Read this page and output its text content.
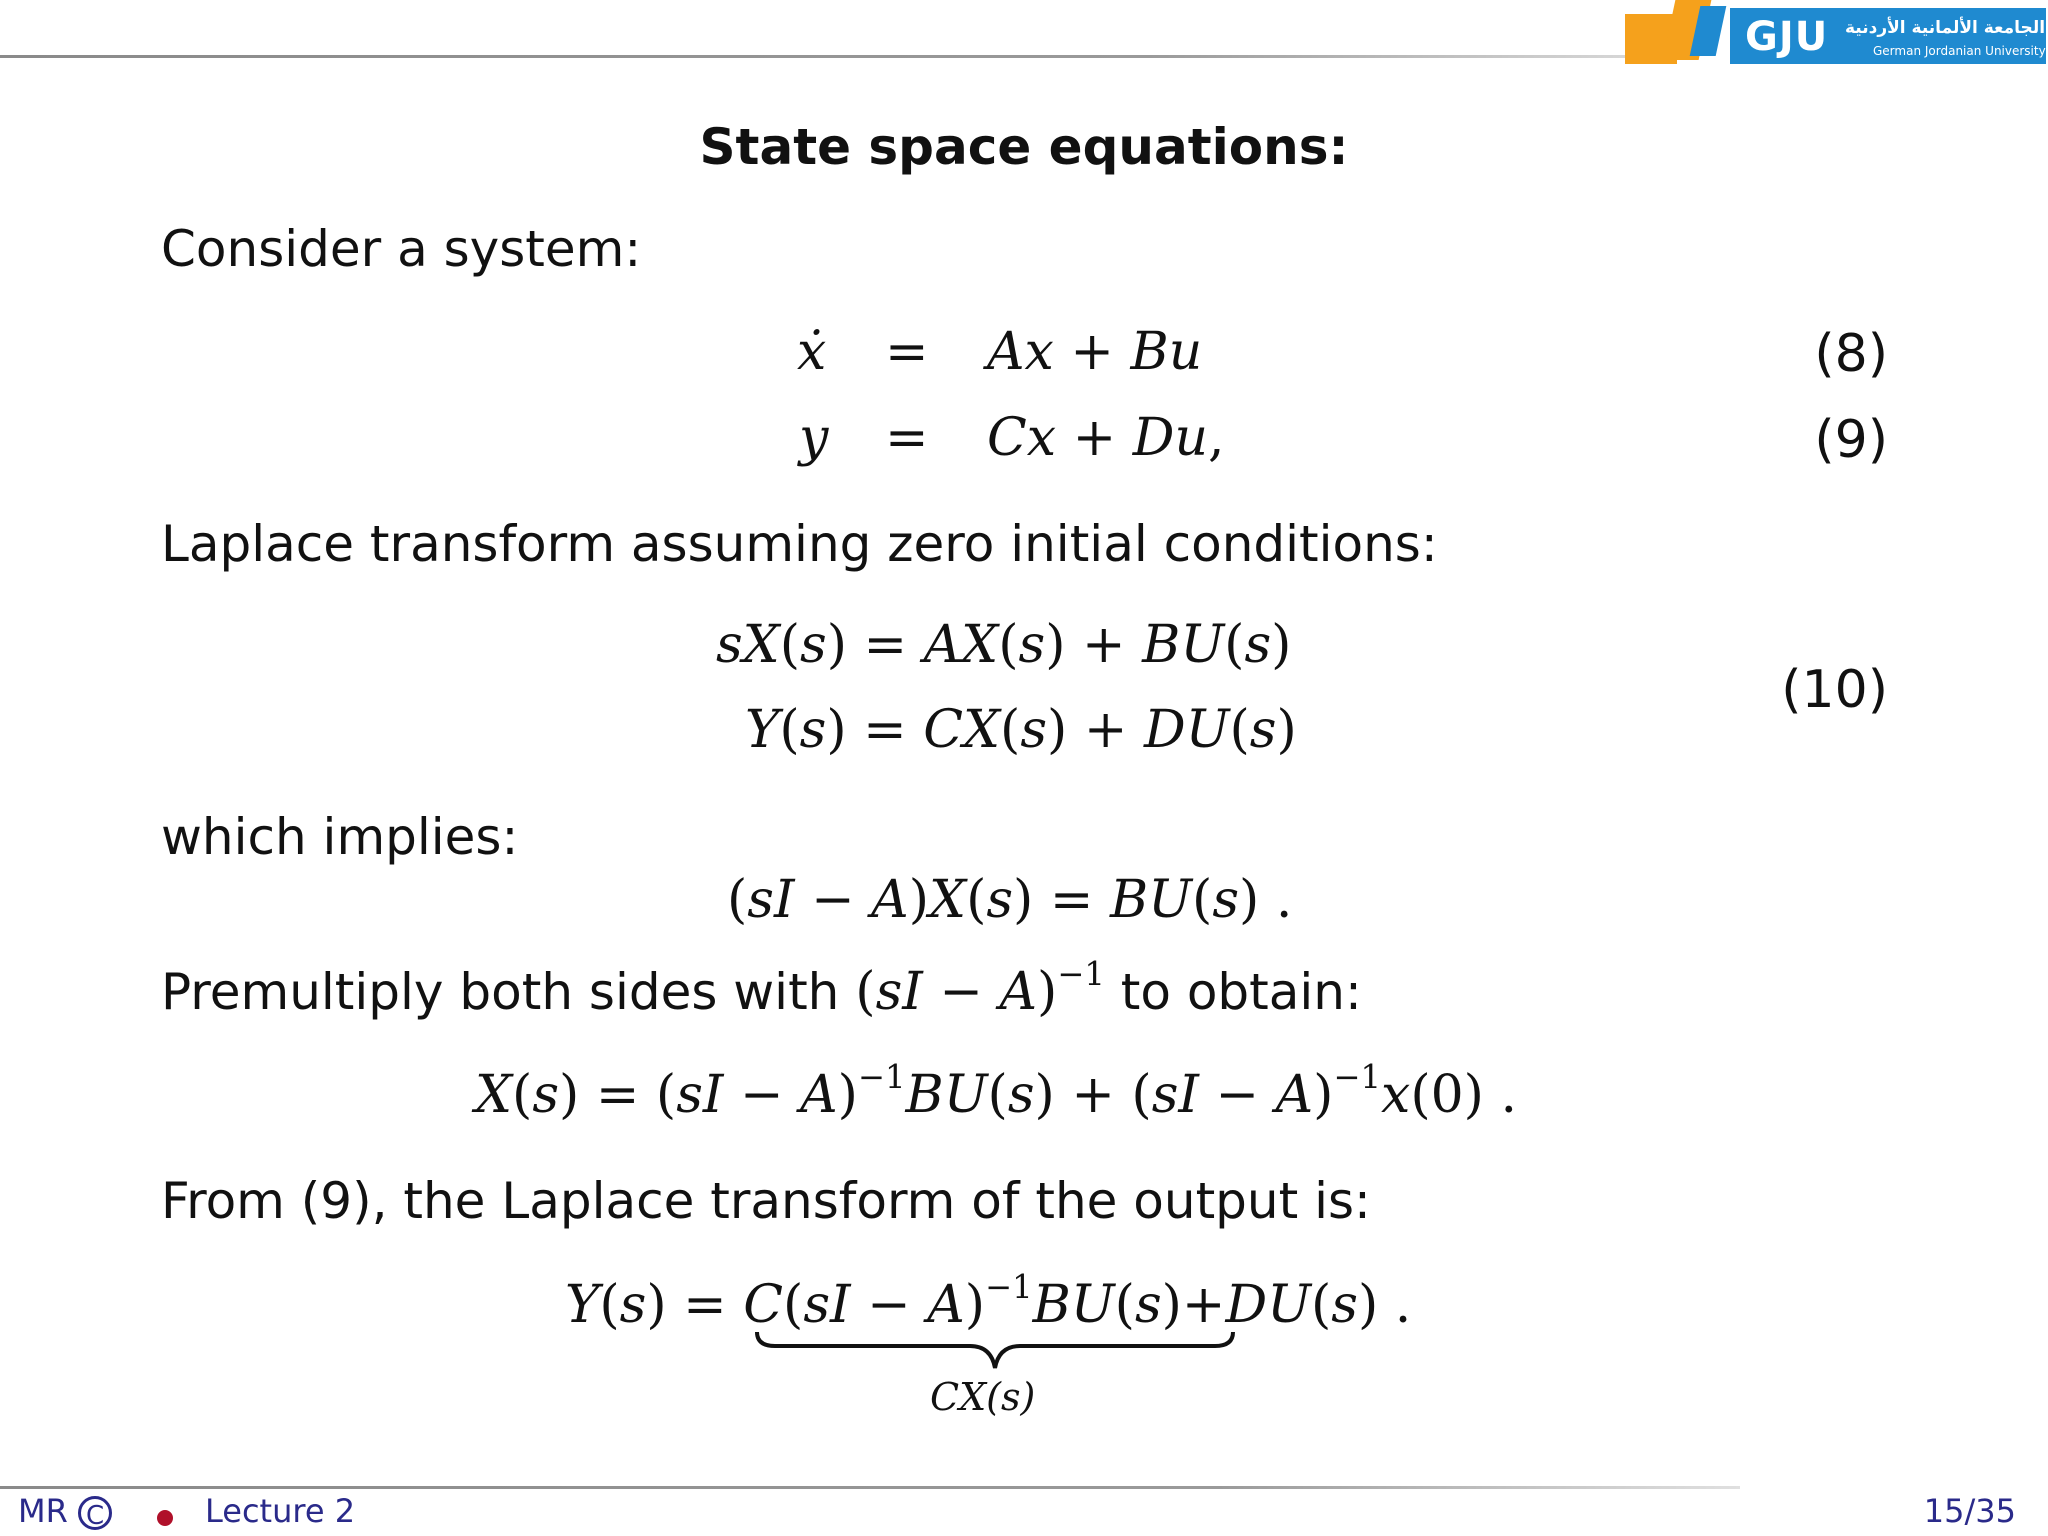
GJU الجامعة الألمانية الأردنية
German Jordanian University
State space equations:
Consider a system:
ẋ = Ax + Bu	(8)
y = Cx + Du,	(9)
Laplace transform assuming zero initial conditions:
sX(s) = AX(s) + BU(s)
Y(s) = CX(s) + DU(s)
(10)
which implies:
(sI − A)X(s) = BU(s) .
Premultiply both sides with (sI − A)$^{-1}$ to obtain:
X(s) = (sI − A)$^{-1}$BU(s) + (sI − A)$^{-1}$x(0) .
From (9), the Laplace transform of the output is:
Y(s) = C(sI − A)$^{-1}$BU(s)+DU(s) .
CX(s)
MR C	Lecture 2	15/35
